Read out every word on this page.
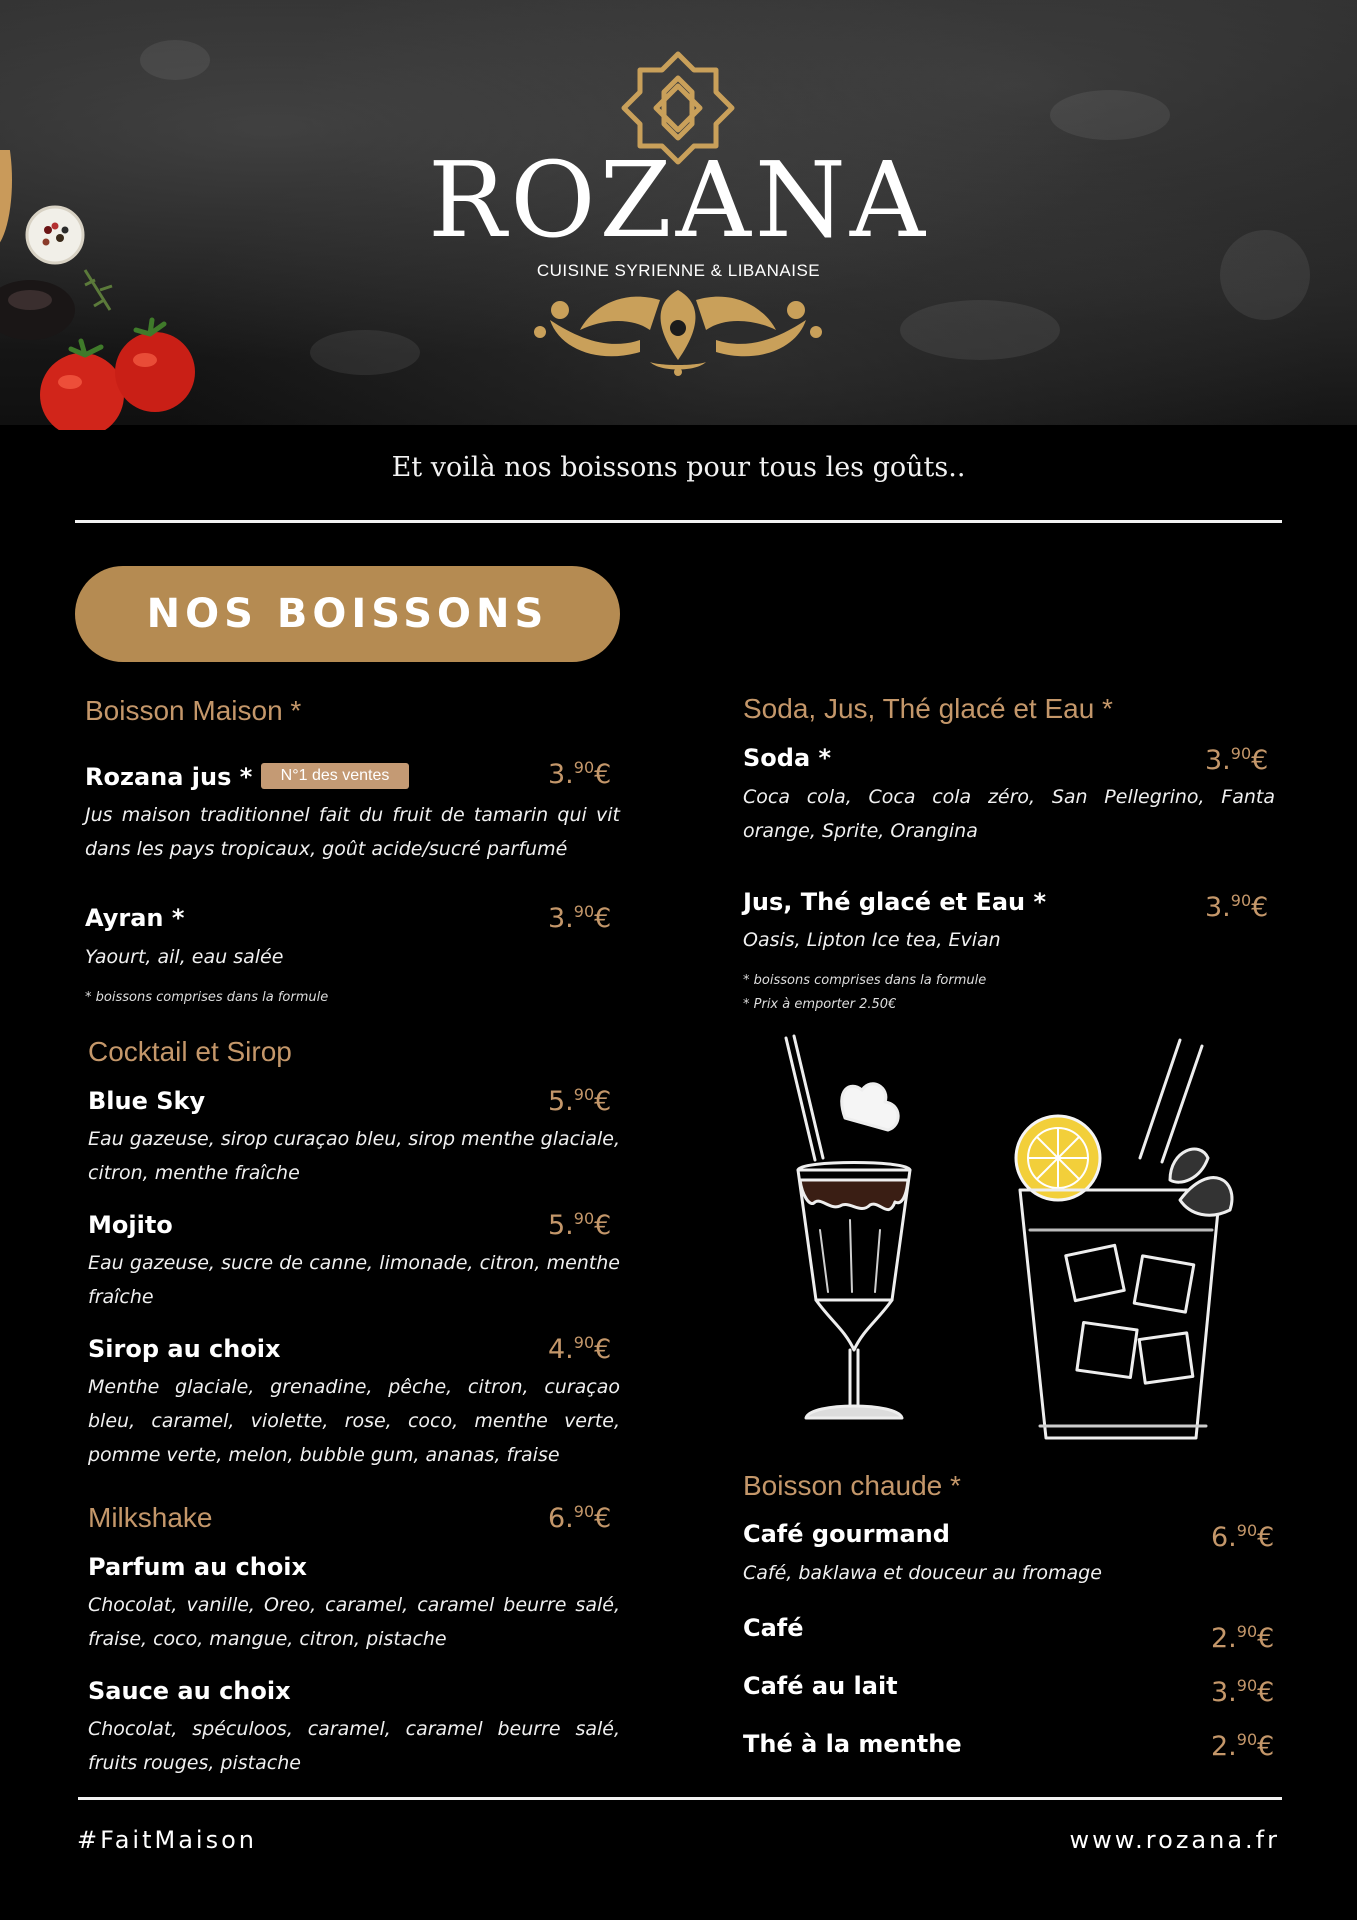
ROZANA
CUISINE SYRIENNE & LIBANAISE
Et voilà nos boissons pour tous les goûts..
NOS BOISSONS
Boisson Maison *
Rozana jus *	N°1 des ventes	3.90€
Jus maison traditionnel fait du fruit de tamarin qui vit dans les pays tropicaux, goût acide/sucré parfumé
Ayran *	3.90€
Yaourt, ail, eau salée
* boissons comprises dans la formule
Cocktail et Sirop
Blue Sky	5.90€
Eau gazeuse, sirop curaçao bleu, sirop menthe glaciale, citron, menthe fraîche
Mojito	5.90€
Eau gazeuse, sucre de canne, limonade, citron, menthe fraîche
Sirop au choix	4.90€
Menthe glaciale, grenadine, pêche, citron, curaçao bleu, caramel, violette, rose, coco, menthe verte, pomme verte, melon, bubble gum, ananas, fraise
Milkshake	6.90€
Parfum au choix
Chocolat, vanille, Oreo, caramel, caramel beurre salé, fraise, coco, mangue, citron, pistache
Sauce au choix
Chocolat, spéculoos, caramel, caramel beurre salé, fruits rouges, pistache
Soda, Jus, Thé glacé et Eau *
Soda *	3.90€
Coca cola, Coca cola zéro, San Pellegrino, Fanta orange, Sprite, Orangina
Jus, Thé glacé et Eau *	3.90€
Oasis, Lipton Ice tea, Evian
* boissons comprises dans la formule
* Prix à emporter 2.50€
Boisson chaude *
Café gourmand	6.90€
Café, baklawa et douceur au fromage
Café	2.90€
Café au lait	3.90€
Thé à la menthe	2.90€
#FaitMaison	www.rozana.fr
